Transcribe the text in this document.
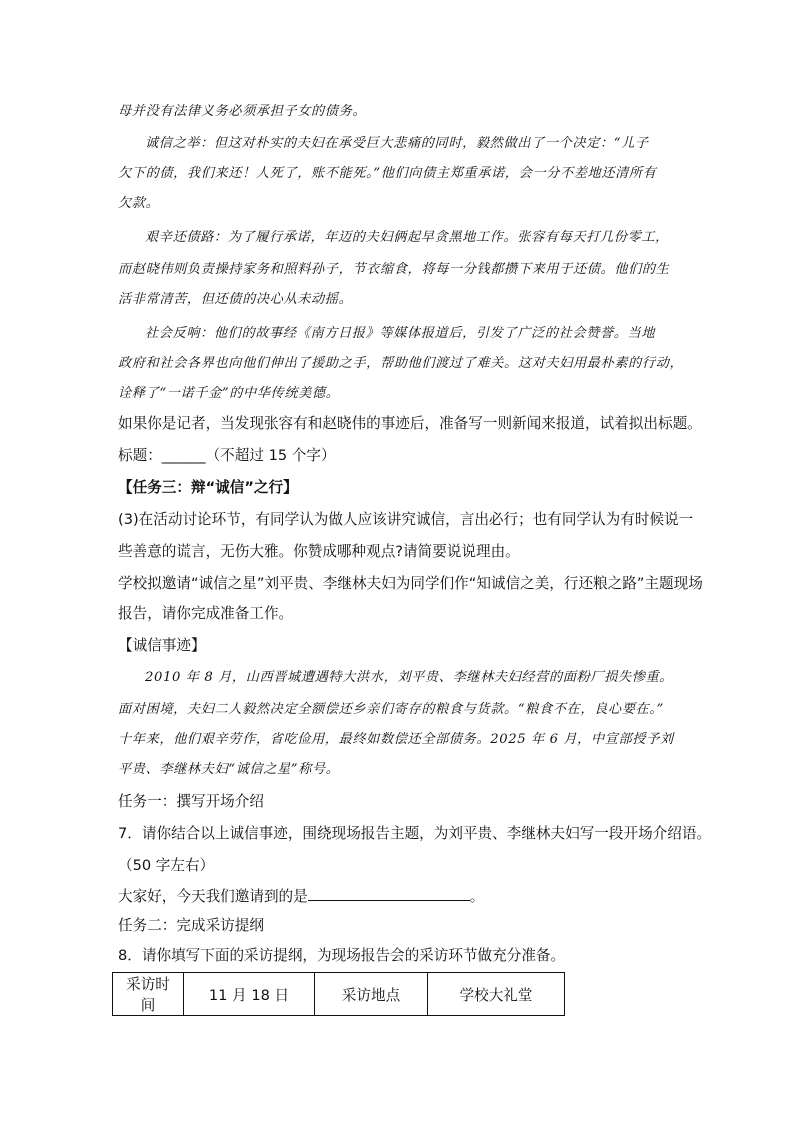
母并没有法律义务必须承担子女的债务。
诚信之举：但这对朴实的夫妇在承受巨大悲痛的同时，毅然做出了一个决定：“儿子
欠下的债，我们来还！人死了，账不能死。”他们向债主郑重承诺，会一分不差地还清所有
欠款。
艰辛还债路：为了履行承诺，年迈的夫妇俩起早贪黑地工作。张容有每天打几份零工，
而赵晓伟则负责操持家务和照料孙子，节衣缩食，将每一分钱都攒下来用于还债。他们的生
活非常清苦，但还债的决心从未动摇。
社会反响：他们的故事经《南方日报》等媒体报道后，引发了广泛的社会赞誉。当地
政府和社会各界也向他们伸出了援助之手，帮助他们渡过了难关。这对夫妇用最朴素的行动，
诠释了“一诺千金”的中华传统美德。
如果你是记者，当发现张容有和赵晓伟的事迹后，准备写一则新闻来报道，试着拟出标题。
标题：______（不超过 15 个字）
【任务三：辩“诚信”之行】
(3)在活动讨论环节，有同学认为做人应该讲究诚信，言出必行；也有同学认为有时候说一
些善意的谎言，无伤大雅。你赞成哪种观点?请简要说说理由。
学校拟邀请“诚信之星”刘平贵、李继林夫妇为同学们作“知诚信之美，行还粮之路”主题现场
报告，请你完成准备工作。
【诚信事迹】
2010 年 8 月，山西晋城遭遇特大洪水，刘平贵、李继林夫妇经营的面粉厂损失惨重。
面对困境，夫妇二人毅然决定全额偿还乡亲们寄存的粮食与货款。“粮食不在，良心要在。”
十年来，他们艰辛劳作，省吃俭用，最终如数偿还全部债务。2025 年 6 月，中宣部授予刘
平贵、李继林夫妇“诚信之星”称号。
任务一：撰写开场介绍
7．请你结合以上诚信事迹，围绕现场报告主题，为刘平贵、李继林夫妇写一段开场介绍语。
（50 字左右）
大家好，今天我们邀请到的是	。
任务二：完成采访提纲
8．请你填写下面的采访提纲，为现场报告会的采访环节做充分准备。
采访时间	11 月 18 日	采访地点	学校大礼堂
